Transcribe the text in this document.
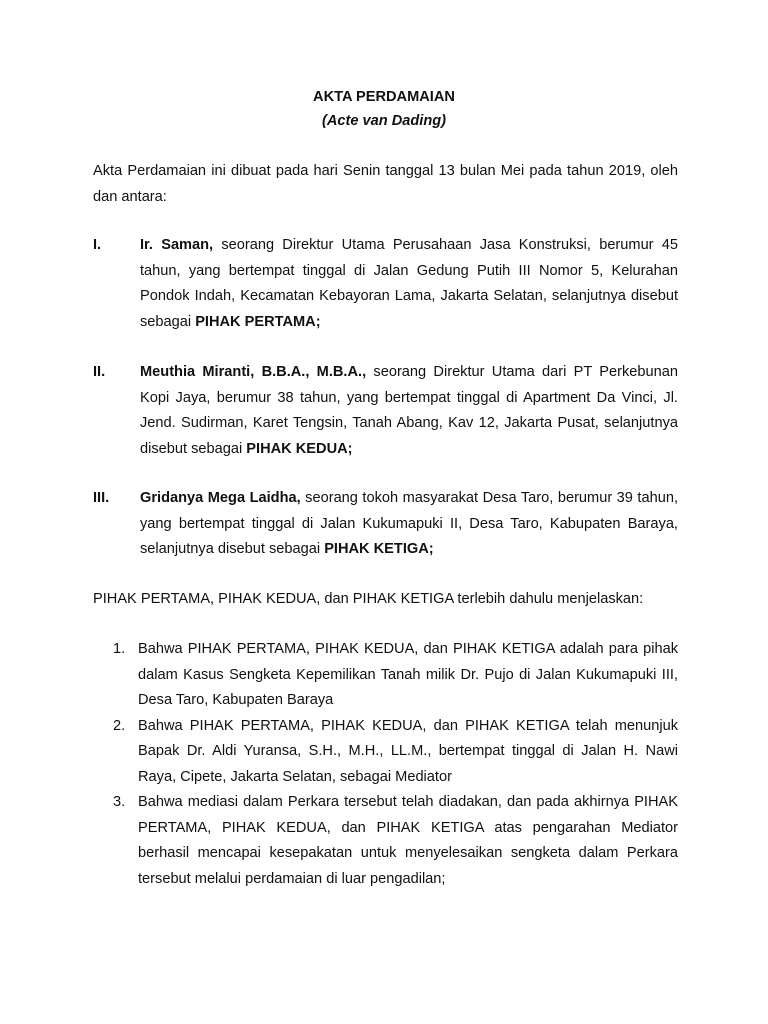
AKTA PERDAMAIAN
(Acte van Dading)
Akta Perdamaian ini dibuat pada hari Senin tanggal 13 bulan Mei pada tahun 2019, oleh dan antara:
I.	Ir. Saman, seorang Direktur Utama Perusahaan Jasa Konstruksi, berumur 45 tahun, yang bertempat tinggal di Jalan Gedung Putih III Nomor 5, Kelurahan Pondok Indah, Kecamatan Kebayoran Lama, Jakarta Selatan, selanjutnya disebut sebagai PIHAK PERTAMA;
II.	Meuthia Miranti, B.B.A., M.B.A., seorang Direktur Utama dari PT Perkebunan Kopi Jaya, berumur 38 tahun, yang bertempat tinggal di Apartment Da Vinci, Jl. Jend. Sudirman, Karet Tengsin, Tanah Abang, Kav 12, Jakarta Pusat, selanjutnya disebut sebagai PIHAK KEDUA;
III.	Gridanya Mega Laidha, seorang tokoh masyarakat Desa Taro, berumur 39 tahun, yang bertempat tinggal di Jalan Kukumapuki II, Desa Taro, Kabupaten Baraya, selanjutnya disebut sebagai PIHAK KETIGA;
PIHAK PERTAMA, PIHAK KEDUA, dan PIHAK KETIGA terlebih dahulu menjelaskan:
1. Bahwa PIHAK PERTAMA, PIHAK KEDUA, dan PIHAK KETIGA adalah para pihak dalam Kasus Sengketa Kepemilikan Tanah milik Dr. Pujo di Jalan Kukumapuki III, Desa Taro, Kabupaten Baraya
2. Bahwa PIHAK PERTAMA, PIHAK KEDUA, dan PIHAK KETIGA telah menunjuk Bapak Dr. Aldi Yuransa, S.H., M.H., LL.M., bertempat tinggal di Jalan H. Nawi Raya, Cipete, Jakarta Selatan, sebagai Mediator
3. Bahwa mediasi dalam Perkara tersebut telah diadakan, dan pada akhirnya PIHAK PERTAMA, PIHAK KEDUA, dan PIHAK KETIGA atas pengarahan Mediator berhasil mencapai kesepakatan untuk menyelesaikan sengketa dalam Perkara tersebut melalui perdamaian di luar pengadilan;
